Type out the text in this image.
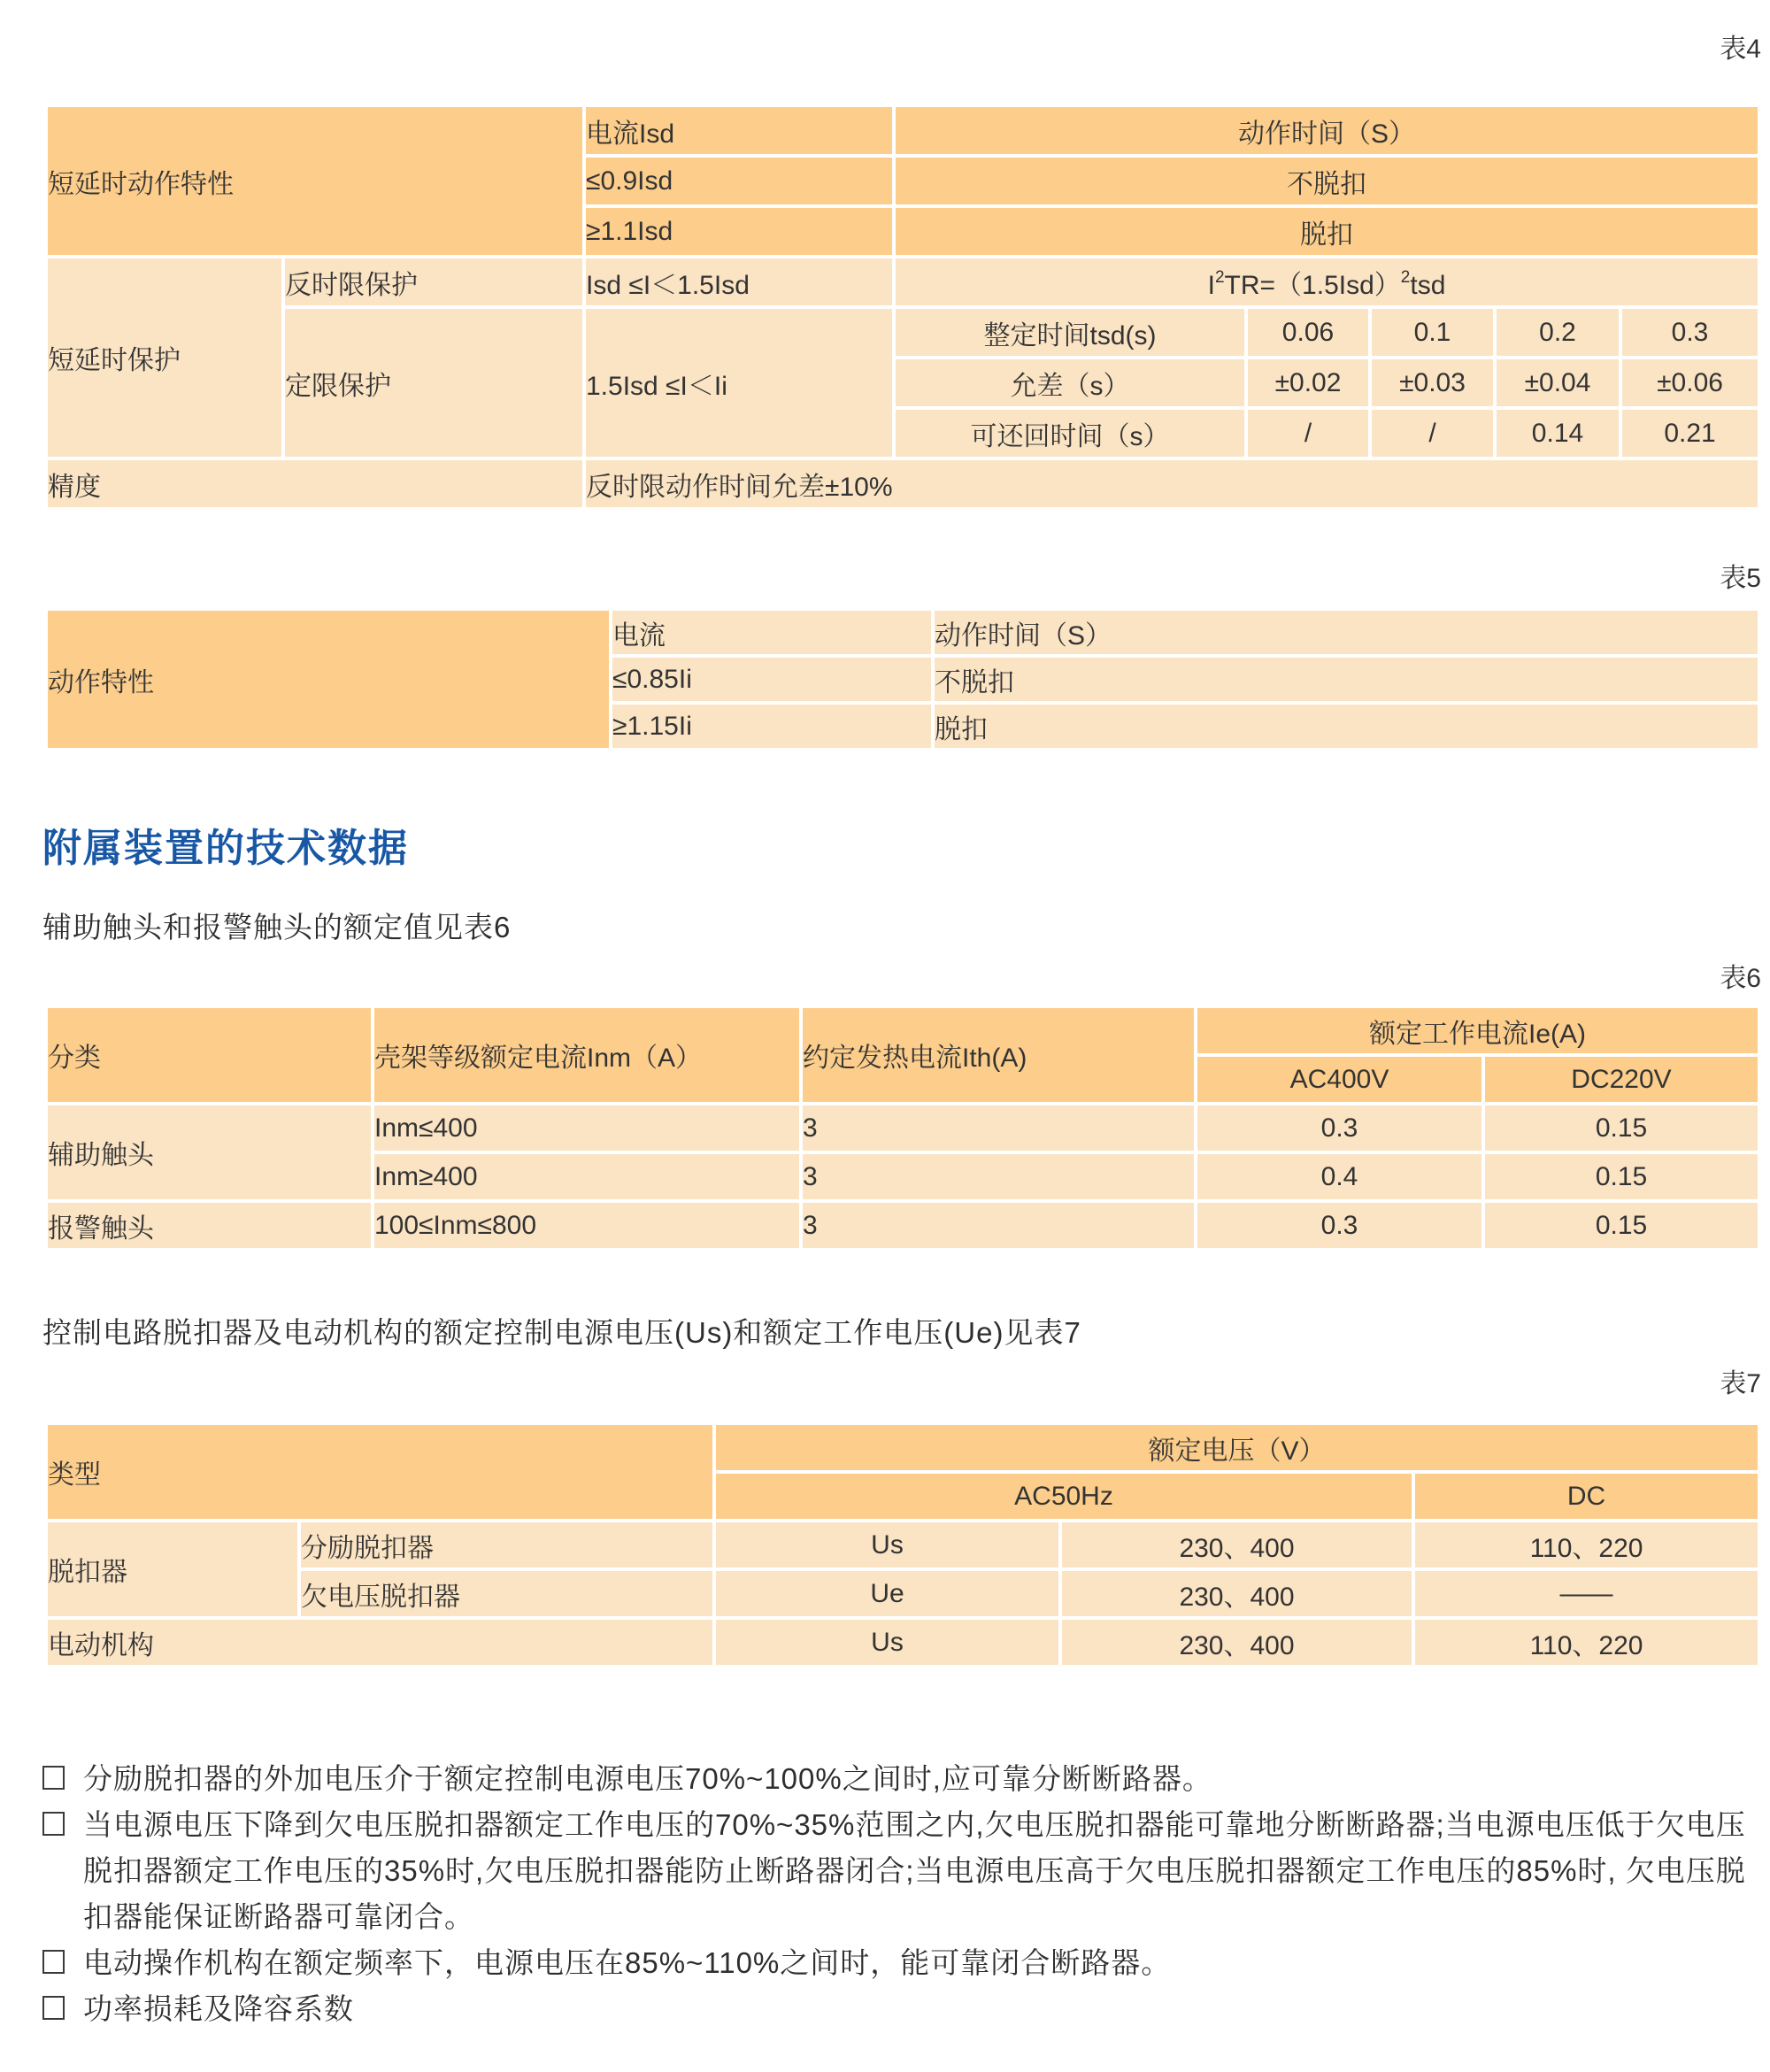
表4
短延时动作特性		电流Isd	动作时间（S）				
		≤0.9Isd	不脱扣				
		≥1.1Isd	脱扣				
短延时保护	反时限保护	Isd ≤I＜1.5Isd	$I^2TR=(1.5Isd)^2tsd$				
	定限保护	1.5Isd ≤I＜Ii	整定时间tsd(s)	0.06	0.1	0.2	0.3
			允差（s）	±0.02	±0.03	±0.04	±0.06
			可还回时间（s）	/	/	0.14	0.21
精度		反时限动作时间允差±10%					
表5
动作特性	电流	动作时间（S）
	≤0.85Ii	不脱扣
	≥1.15Ii	脱扣
附属装置的技术数据
辅助触头和报警触头的额定值见表6
表6
分类	壳架等级额定电流Inm（A）	约定发热电流Ith(A)	额定工作电流Ie(A)	
			AC400V	DC220V
辅助触头	Inm≤400	3	0.3	0.15
	Inm≥400	3	0.4	0.15
报警触头	100≤Inm≤800	3	0.3	0.15
控制电路脱扣器及电动机构的额定控制电源电压(Us)和额定工作电压(Ue)见表7
表7
类型		额定电压（V）		
		AC50Hz		DC
脱扣器	分励脱扣器	Us	230、400	110、220
	欠电压脱扣器	Ue	230、400	——
电动机构		Us	230、400	110、220
分励脱扣器的外加电压介于额定控制电源电压70%~100%之间时,应可靠分断断路器。
当电源电压下降到欠电压脱扣器额定工作电压的70%~35%范围之内,欠电压脱扣器能可靠地分断断路器;当电源电压低于欠电压脱扣器额定工作电压的35%时,欠电压脱扣器能防止断路器闭合;当电源电压高于欠电压脱扣器额定工作电压的85%时, 欠电压脱扣器能保证断路器可靠闭合。
电动操作机构在额定频率下，电源电压在85%~110%之间时，能可靠闭合断路器。
功率损耗及降容系数
